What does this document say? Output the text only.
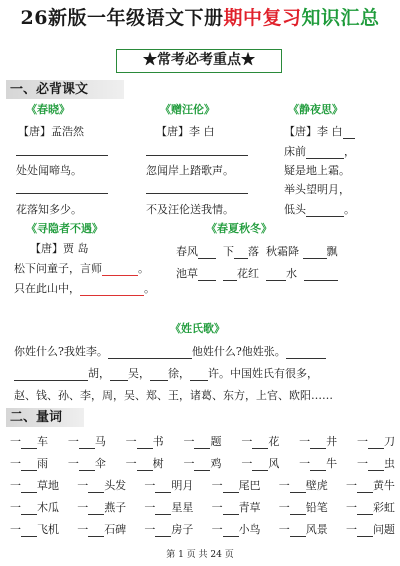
26新版一年级语文下册期中复习知识汇总
★常考必考重点★
一、必背课文
《春晓》
【唐】孟浩然
处处闻啼鸟。
花落知多少。
《赠汪伦》
【唐】李 白
忽闻岸上踏歌声。
不及汪伦送我情。
《静夜思》
【唐】李 白
床前	，
疑是地上霜。
举头望明月，
低头	。
《寻隐者不遇》
【唐】贾 岛
松下问童子，言师	。
只在此山中，	。
《春夏秋冬》
春风 下 落 秋霜降	飘
池草	花红 水
《姓氏歌》
你姓什么?我姓李。	他姓什么?他姓张。
胡， 吴， 徐， 许。中国姓氏有很多，
赵、钱、孙、李，周，吴、郑、王，诸葛、东方，上官、欧阳……
二、量词
一 车 一 马 一 书 一 题 一 花 一 井 一 刀
一 雨 一 伞 一 树 一 鸡 一 风 一 牛 一 虫
一 草地 一 头发 一 明月 一 尾巴 一 壁虎 一 黄牛
一 木瓜 一 燕子 一 星星 一 青草 一 铅笔 一 彩虹
一 飞机 一 石碑 一 房子 一 小鸟 一 风景 一 问题
第 1 页 共 24 页
